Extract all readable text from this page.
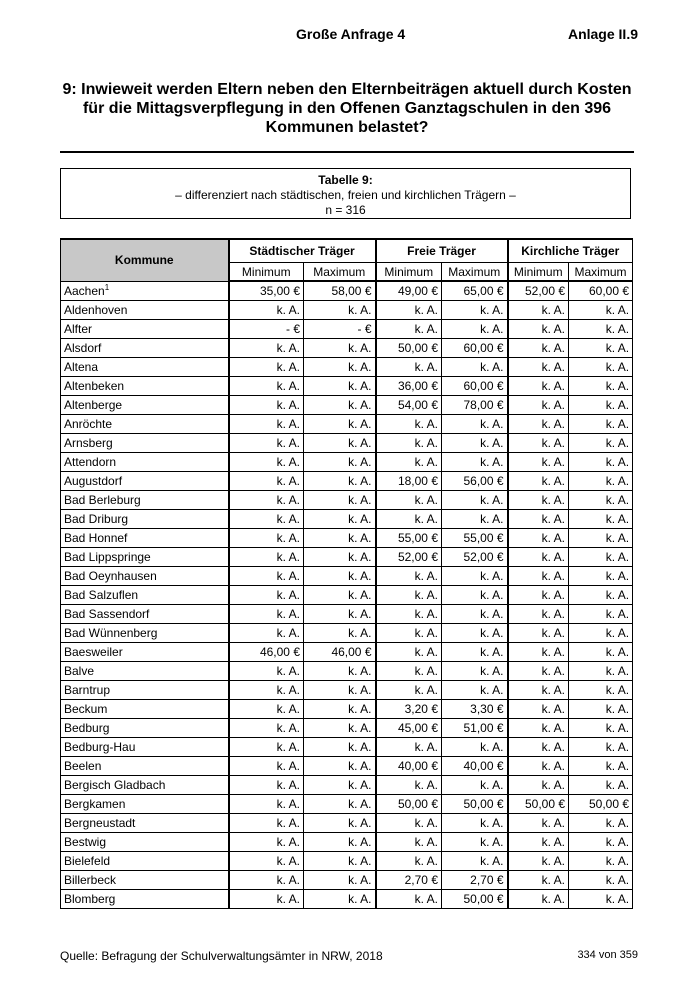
Große Anfrage 4	Anlage II.9
9: Inwieweit werden Eltern neben den Elternbeiträgen aktuell durch Kosten für die Mittagsverpflegung in den Offenen Ganztagschulen in den 396 Kommunen belastet?
Tabelle 9:
– differenziert nach städtischen, freien und kirchlichen Trägern –
n = 316
Kommune	Städtischer Träger		Freie Träger		Kirchliche Träger	
	Minimum	Maximum	Minimum	Maximum	Minimum	Maximum
Aachen$^1$	35,00 €	58,00 €	49,00 €	65,00 €	52,00 €	60,00 €
Aldenhoven	k. A.	k. A.	k. A.	k. A.	k. A.	k. A.
Alfter	- €	- €	k. A.	k. A.	k. A.	k. A.
Alsdorf	k. A.	k. A.	50,00 €	60,00 €	k. A.	k. A.
Altena	k. A.	k. A.	k. A.	k. A.	k. A.	k. A.
Altenbeken	k. A.	k. A.	36,00 €	60,00 €	k. A.	k. A.
Altenberge	k. A.	k. A.	54,00 €	78,00 €	k. A.	k. A.
Anröchte	k. A.	k. A.	k. A.	k. A.	k. A.	k. A.
Arnsberg	k. A.	k. A.	k. A.	k. A.	k. A.	k. A.
Attendorn	k. A.	k. A.	k. A.	k. A.	k. A.	k. A.
Augustdorf	k. A.	k. A.	18,00 €	56,00 €	k. A.	k. A.
Bad Berleburg	k. A.	k. A.	k. A.	k. A.	k. A.	k. A.
Bad Driburg	k. A.	k. A.	k. A.	k. A.	k. A.	k. A.
Bad Honnef	k. A.	k. A.	55,00 €	55,00 €	k. A.	k. A.
Bad Lippspringe	k. A.	k. A.	52,00 €	52,00 €	k. A.	k. A.
Bad Oeynhausen	k. A.	k. A.	k. A.	k. A.	k. A.	k. A.
Bad Salzuflen	k. A.	k. A.	k. A.	k. A.	k. A.	k. A.
Bad Sassendorf	k. A.	k. A.	k. A.	k. A.	k. A.	k. A.
Bad Wünnenberg	k. A.	k. A.	k. A.	k. A.	k. A.	k. A.
Baesweiler	46,00 €	46,00 €	k. A.	k. A.	k. A.	k. A.
Balve	k. A.	k. A.	k. A.	k. A.	k. A.	k. A.
Barntrup	k. A.	k. A.	k. A.	k. A.	k. A.	k. A.
Beckum	k. A.	k. A.	3,20 €	3,30 €	k. A.	k. A.
Bedburg	k. A.	k. A.	45,00 €	51,00 €	k. A.	k. A.
Bedburg-Hau	k. A.	k. A.	k. A.	k. A.	k. A.	k. A.
Beelen	k. A.	k. A.	40,00 €	40,00 €	k. A.	k. A.
Bergisch Gladbach	k. A.	k. A.	k. A.	k. A.	k. A.	k. A.
Bergkamen	k. A.	k. A.	50,00 €	50,00 €	50,00 €	50,00 €
Bergneustadt	k. A.	k. A.	k. A.	k. A.	k. A.	k. A.
Bestwig	k. A.	k. A.	k. A.	k. A.	k. A.	k. A.
Bielefeld	k. A.	k. A.	k. A.	k. A.	k. A.	k. A.
Billerbeck	k. A.	k. A.	2,70 €	2,70 €	k. A.	k. A.
Blomberg	k. A.	k. A.	k. A.	50,00 €	k. A.	k. A.
Quelle: Befragung der Schulverwaltungsämter in NRW, 2018	334 von 359
